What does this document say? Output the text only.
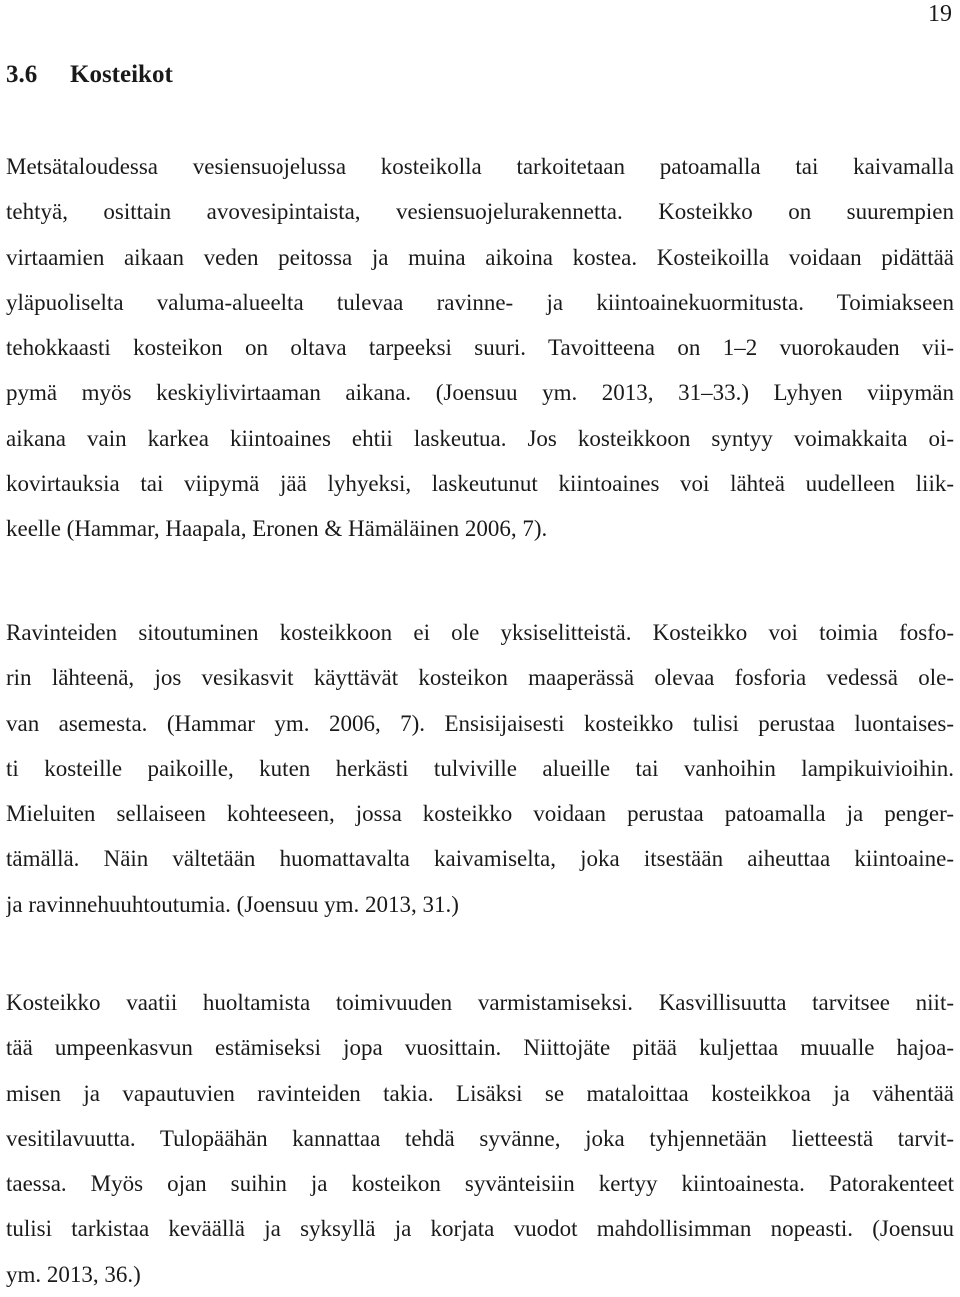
19
3.6 Kosteikot
Metsätaloudessa vesiensuojelussa kosteikolla tarkoitetaan patoamalla tai kaivamalla
tehtyä, osittain avovesipintaista, vesiensuojelurakennetta. Kosteikko on suurempien
virtaamien aikaan veden peitossa ja muina aikoina kostea. Kosteikoilla voidaan pidättää
yläpuoliselta valuma-alueelta tulevaa ravinne- ja kiintoainekuormitusta. Toimiakseen
tehokkaasti kosteikon on oltava tarpeeksi suuri. Tavoitteena on 1–2 vuorokauden vii-
pymä myös keskiylivirtaaman aikana. (Joensuu ym. 2013, 31–33.) Lyhyen viipymän
aikana vain karkea kiintoaines ehtii laskeutua. Jos kosteikkoon syntyy voimakkaita oi-
kovirtauksia tai viipymä jää lyhyeksi, laskeutunut kiintoaines voi lähteä uudelleen liik-
keelle (Hammar, Haapala, Eronen & Hämäläinen 2006, 7).
Ravinteiden sitoutuminen kosteikkoon ei ole yksiselitteistä. Kosteikko voi toimia fosfo-
rin lähteenä, jos vesikasvit käyttävät kosteikon maaperässä olevaa fosforia vedessä ole-
van asemesta. (Hammar ym. 2006, 7). Ensisijaisesti kosteikko tulisi perustaa luontaises-
ti kosteille paikoille, kuten herkästi tulviville alueille tai vanhoihin lampikuivioihin.
Mieluiten sellaiseen kohteeseen, jossa kosteikko voidaan perustaa patoamalla ja penger-
tämällä. Näin vältetään huomattavalta kaivamiselta, joka itsestään aiheuttaa kiintoaine-
ja ravinnehuuhtoutumia. (Joensuu ym. 2013, 31.)
Kosteikko vaatii huoltamista toimivuuden varmistamiseksi. Kasvillisuutta tarvitsee niit-
tää umpeenkasvun estämiseksi jopa vuosittain. Niittojäte pitää kuljettaa muualle hajoa-
misen ja vapautuvien ravinteiden takia. Lisäksi se mataloittaa kosteikkoa ja vähentää
vesitilavuutta. Tulopäähän kannattaa tehdä syvänne, joka tyhjennetään lietteestä tarvit-
taessa. Myös ojan suihin ja kosteikon syvänteisiin kertyy kiintoainesta. Patorakenteet
tulisi tarkistaa keväällä ja syksyllä ja korjata vuodot mahdollisimman nopeasti. (Joensuu
ym. 2013, 36.)
